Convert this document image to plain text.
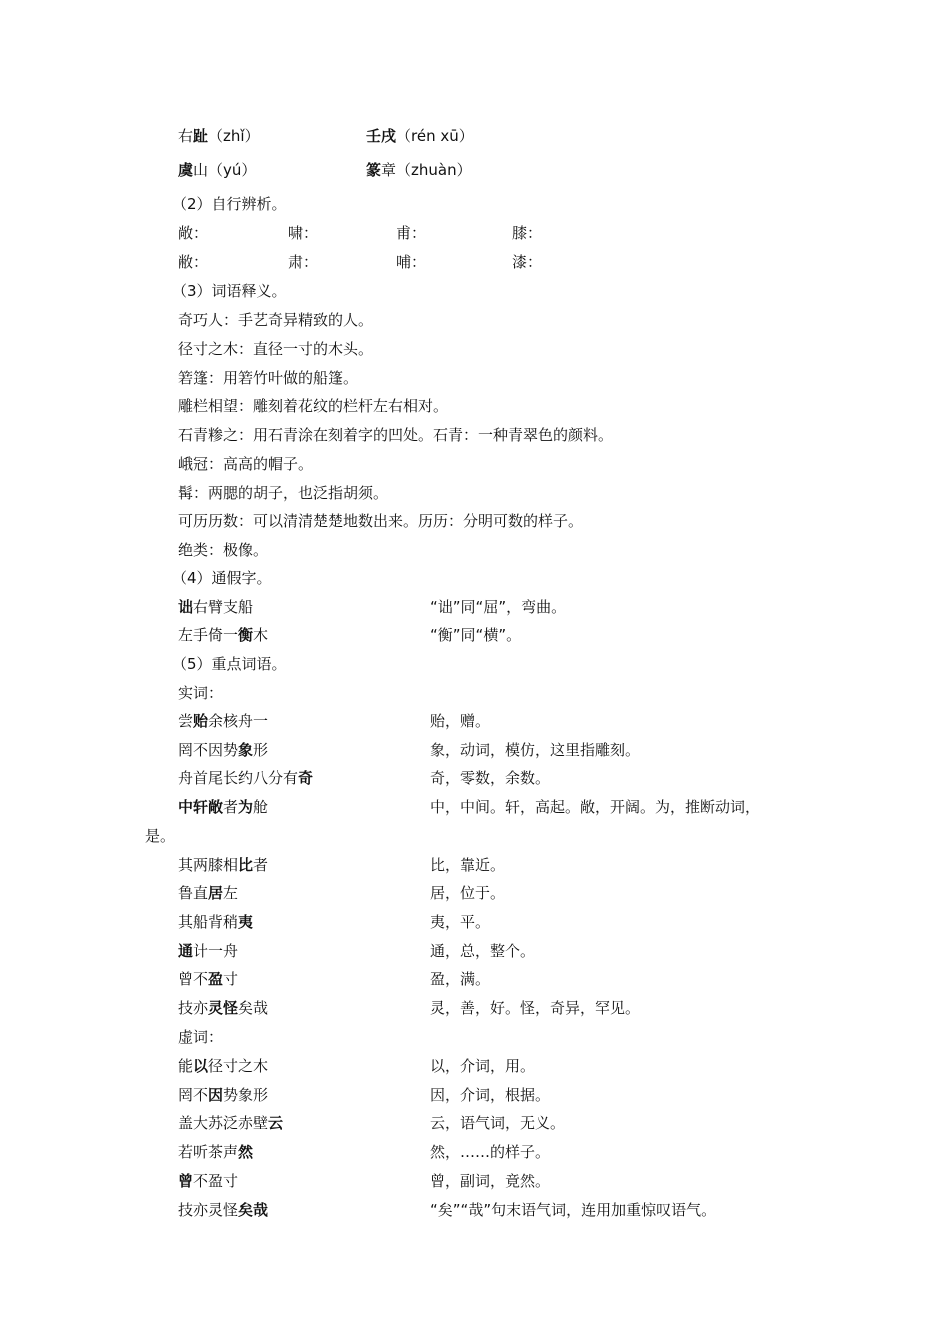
右趾（zhǐ）	壬戌（rén xū）
虞山（yú）	篆章（zhuàn）
（2）自行辨析。
敞：	啸：	甫：	膝：
敝：	肃：	哺：	漆：
（3）词语释义。
奇巧人：手艺奇异精致的人。
径寸之木：直径一寸的木头。
箬篷：用箬竹叶做的船篷。
雕栏相望：雕刻着花纹的栏杆左右相对。
石青糁之：用石青涂在刻着字的凹处。石青：一种青翠色的颜料。
峨冠：高高的帽子。
髯：两腮的胡子，也泛指胡须。
可历历数：可以清清楚楚地数出来。历历：分明可数的样子。
绝类：极像。
（4）通假字。
诎右臂支船	“诎”同“屈”，弯曲。
左手倚一衡木	“衡”同“横”。
（5）重点词语。
实词：
尝贻余核舟一	贻，赠。
罔不因势象形	象，动词，模仿，这里指雕刻。
舟首尾长约八分有奇	奇，零数，余数。
中轩敞者为舱	中，中间。轩，高起。敞，开阔。为，推断动词，
是。
其两膝相比者	比，靠近。
鲁直居左	居，位于。
其船背稍夷	夷，平。
通计一舟	通，总，整个。
曾不盈寸	盈，满。
技亦灵怪矣哉	灵，善，好。怪，奇异，罕见。
虚词：
能以径寸之木	以，介词，用。
罔不因势象形	因，介词，根据。
盖大苏泛赤壁云	云，语气词，无义。
若听茶声然	然，……的样子。
曾不盈寸	曾，副词，竟然。
技亦灵怪矣哉	“矣”“哉”句末语气词，连用加重惊叹语气。
